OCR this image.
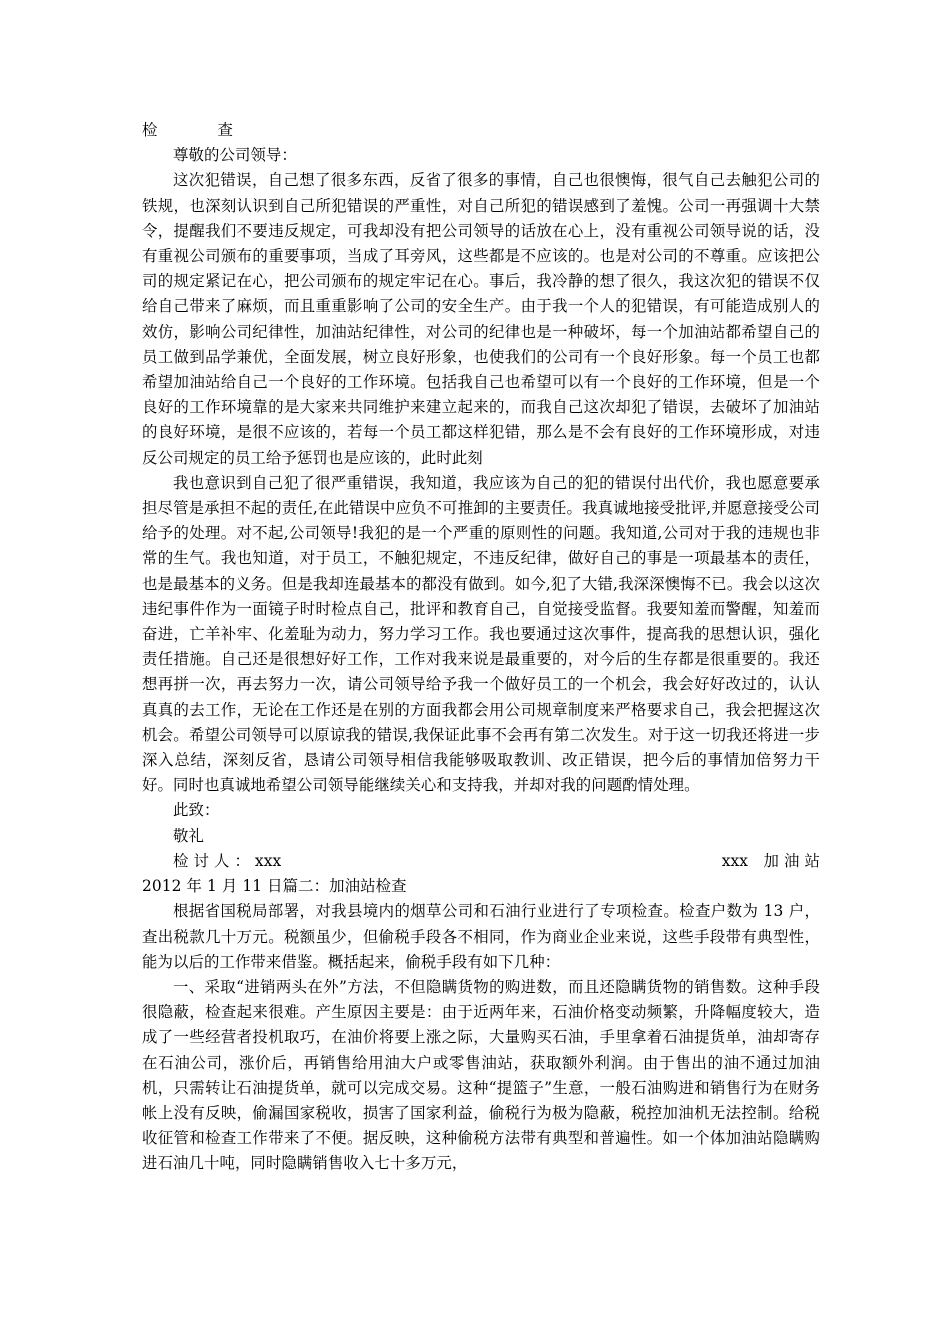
检	查

尊敬的公司领导：

这次犯错误，自己想了很多东西，反省了很多的事情，自己也很懊悔，很气自己去触犯公司的铁规，也深刻认识到自己所犯错误的严重性，对自己所犯的错误感到了羞愧。公司一再强调十大禁令，提醒我们不要违反规定，可我却没有把公司领导的话放在心上，没有重视公司领导说的话，没有重视公司颁布的重要事项，当成了耳旁风，这些都是不应该的。也是对公司的不尊重。应该把公司的规定紧记在心，把公司颁布的规定牢记在心。事后，我冷静的想了很久，我这次犯的错误不仅给自己带来了麻烦，而且重重影响了公司的安全生产。由于我一个人的犯错误，有可能造成别人的效仿，影响公司纪律性，加油站纪律性，对公司的纪律也是一种破坏，每一个加油站都希望自己的员工做到品学兼优，全面发展，树立良好形象，也使我们的公司有一个良好形象。每一个员工也都希望加油站给自己一个良好的工作环境。包括我自己也希望可以有一个良好的工作环境，但是一个良好的工作环境靠的是大家来共同维护来建立起来的，而我自己这次却犯了错误，去破坏了加油站的良好环境，是很不应该的，若每一个员工都这样犯错，那么是不会有良好的工作环境形成，对违反公司规定的员工给予惩罚也是应该的，此时此刻

我也意识到自己犯了很严重错误，我知道，我应该为自己的犯的错误付出代价，我也愿意要承担尽管是承担不起的责任,在此错误中应负不可推卸的主要责任。我真诚地接受批评,并愿意接受公司给予的处理。对不起,公司领导!我犯的是一个严重的原则性的问题。我知道,公司对于我的违规也非常的生气。我也知道，对于员工，不触犯规定，不违反纪律，做好自己的事是一项最基本的责任，也是最基本的义务。但是我却连最基本的都没有做到。如今,犯了大错,我深深懊悔不已。我会以这次违纪事件作为一面镜子时时检点自己，批评和教育自己，自觉接受监督。我要知羞而警醒，知羞而奋进，亡羊补牢、化羞耻为动力，努力学习工作。我也要通过这次事件，提高我的思想认识，强化责任措施。自己还是很想好好工作，工作对我来说是最重要的，对今后的生存都是很重要的。我还想再拼一次，再去努力一次，请公司领导给予我一个做好员工的一个机会，我会好好改过的，认认真真的去工作，无论在工作还是在别的方面我都会用公司规章制度来严格要求自己，我会把握这次机会。希望公司领导可以原谅我的错误,我保证此事不会再有第二次发生。对于这一切我还将进一步深入总结，深刻反省，恳请公司领导相信我能够吸取教训、改正错误，把今后的事情加倍努力干好。同时也真诚地希望公司领导能继续关心和支持我，并却对我的问题酌情处理。

此致：

敬礼

检 讨 人 ： xxx	xxx　加 油 站

2012 年 1 月 11 日篇二：加油站检查

根据省国税局部署，对我县境内的烟草公司和石油行业进行了专项检查。检查户数为 13 户，查出税款几十万元。税额虽少，但偷税手段各不相同，作为商业企业来说，这些手段带有典型性，能为以后的工作带来借鉴。概括起来，偷税手段有如下几种：

一、采取“进销两头在外”方法，不但隐瞒货物的购进数，而且还隐瞒货物的销售数。这种手段很隐蔽，检查起来很难。产生原因主要是：由于近两年来，石油价格变动频繁，升降幅度较大，造成了一些经营者投机取巧，在油价将要上涨之际，大量购买石油，手里拿着石油提货单，油却寄存在石油公司，涨价后，再销售给用油大户或零售油站，获取额外利润。由于售出的油不通过加油机，只需转让石油提货单，就可以完成交易。这种“提篮子”生意，一般石油购进和销售行为在财务帐上没有反映，偷漏国家税收，损害了国家利益，偷税行为极为隐蔽，税控加油机无法控制。给税收征管和检查工作带来了不便。据反映，这种偷税方法带有典型和普遍性。如一个体加油站隐瞒购进石油几十吨，同时隐瞒销售收入七十多万元，
